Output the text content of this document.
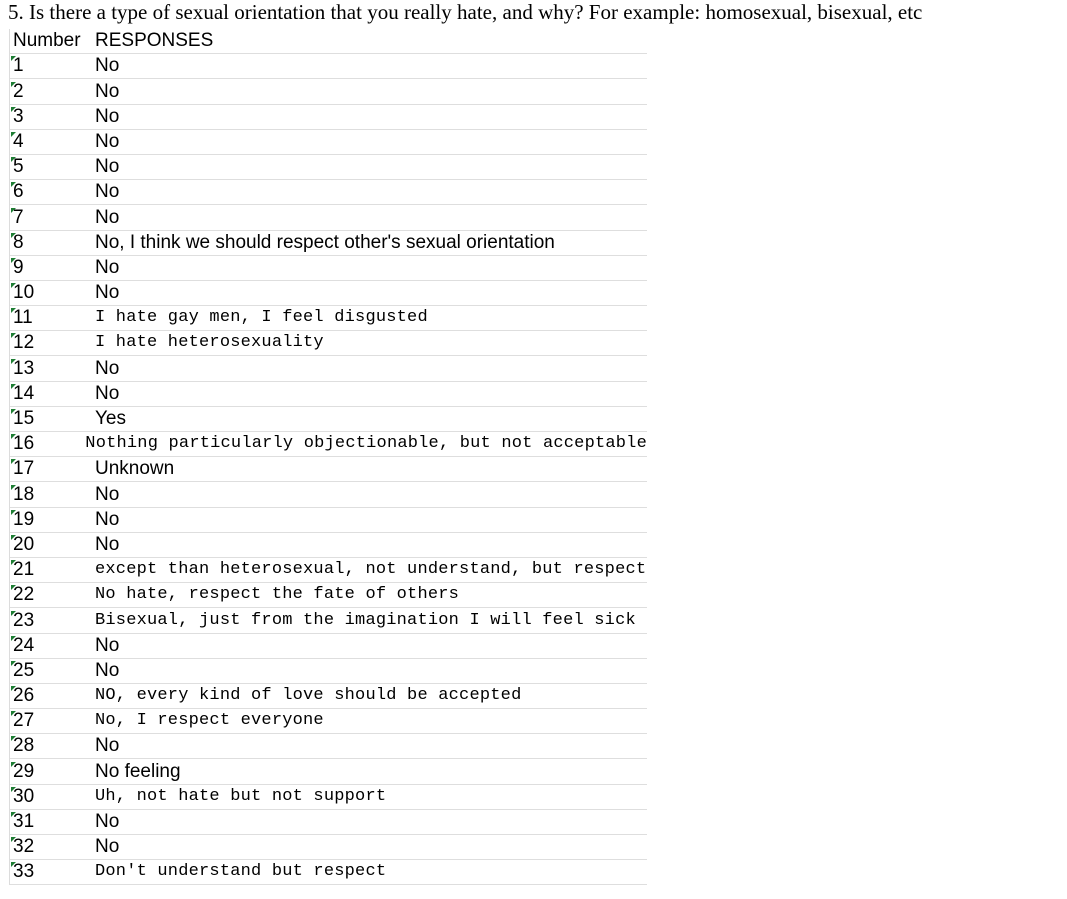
5. Is there a type of sexual orientation that you really hate, and why? For example: homosexual, bisexual, etc
Number RESPONSES
1	No
2	No
3	No
4	No
5	No
6	No
7	No
8	No, I think we should respect other's sexual orientation
9	No
10	No
11	I hate gay men, I feel disgusted
12	I hate heterosexuality
13	No
14	No
15	Yes
16	Nothing particularly objectionable, but not acceptable
17	Unknown
18	No
19	No
20	No
21	except than heterosexual, not understand, but respect
22	No hate, respect the fate of others
23	Bisexual, just from the imagination I will feel sick
24	No
25	No
26	NO, every kind of love should be accepted
27	No, I respect everyone
28	No
29	No feeling
30	Uh, not hate but not support
31	No
32	No
33	Don't understand but respect
